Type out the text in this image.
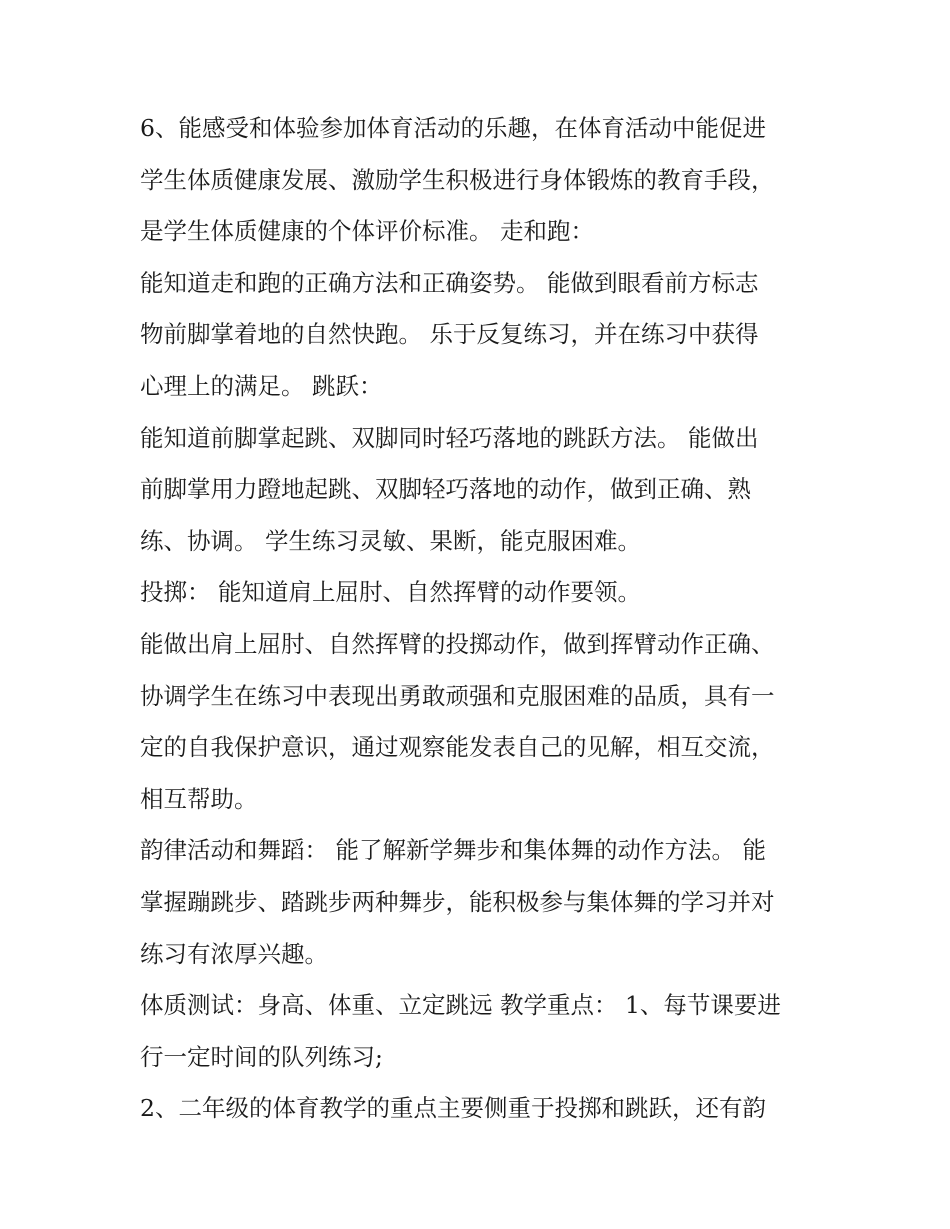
6、能感受和体验参加体育活动的乐趣，在体育活动中能促进
学生体质健康发展、激励学生积极进行身体锻炼的教育手段，
是学生体质健康的个体评价标准。 走和跑：
能知道走和跑的正确方法和正确姿势。 能做到眼看前方标志
物前脚掌着地的自然快跑。 乐于反复练习，并在练习中获得
心理上的满足。 跳跃：
能知道前脚掌起跳、双脚同时轻巧落地的跳跃方法。 能做出
前脚掌用力蹬地起跳、双脚轻巧落地的动作，做到正确、熟
练、协调。 学生练习灵敏、果断，能克服困难。
投掷： 能知道肩上屈肘、自然挥臂的动作要领。
能做出肩上屈肘、自然挥臂的投掷动作，做到挥臂动作正确、
协调学生在练习中表现出勇敢顽强和克服困难的品质，具有一
定的自我保护意识，通过观察能发表自己的见解，相互交流，
相互帮助。
韵律活动和舞蹈： 能了解新学舞步和集体舞的动作方法。 能
掌握蹦跳步、踏跳步两种舞步，能积极参与集体舞的学习并对
练习有浓厚兴趣。
体质测试：身高、体重、立定跳远 教学重点： 1、每节课要进
行一定时间的队列练习;
2、二年级的体育教学的重点主要侧重于投掷和跳跃，还有韵
